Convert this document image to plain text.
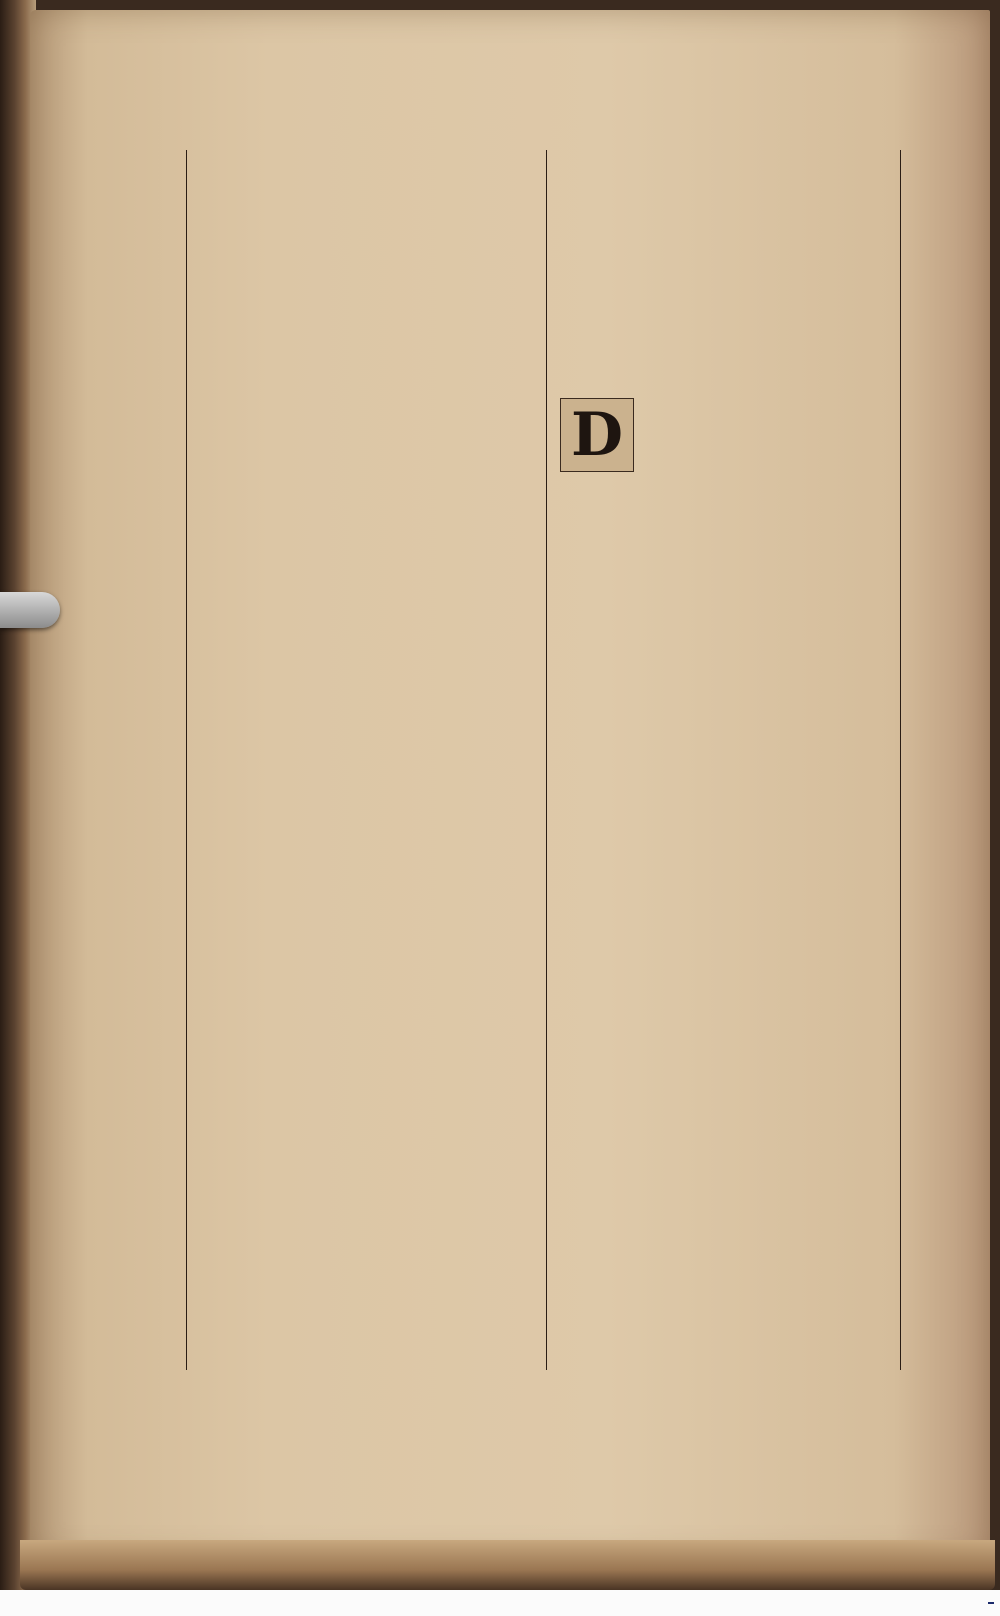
D
